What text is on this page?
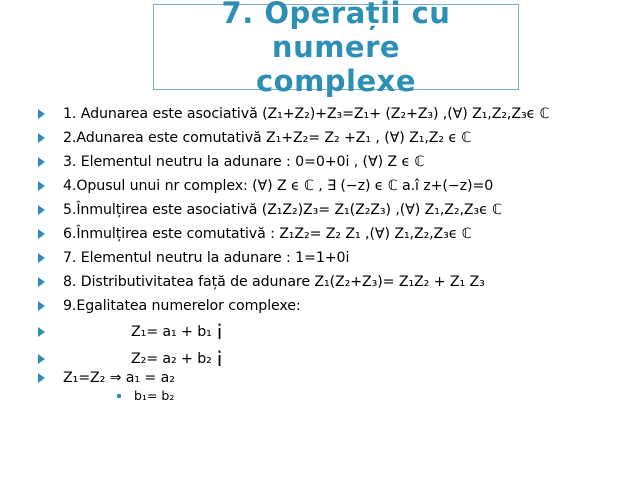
7. Operații cu numere
complexe
1. Adunarea este asociativă (Z₁+Z₂)+Z₃=Z₁+ (Z₂+Z₃) ,(∀) Z₁,Z₂,Z₃ϵ ℂ
2.Adunarea este comutativă Z₁+Z₂= Z₂ +Z₁ , (∀) Z₁,Z₂ ϵ ℂ
3. Elementul neutru la adunare : 0=0+0i , (∀) Z ϵ ℂ
4.Opusul unui nr complex: (∀) Z ϵ ℂ , ∃ (−z) ϵ ℂ a.î z+(−z)=0
5.Înmulțirea este asociativă (Z₁Z₂)Z₃= Z₁(Z₂Z₃) ,(∀) Z₁,Z₂,Z₃ϵ ℂ
6.Înmulțirea este comutativă : Z₁Z₂= Z₂ Z₁ ,(∀) Z₁,Z₂,Z₃ϵ ℂ
7. Elementul neutru la adunare : 1=1+0i
8. Distributivitatea față de adunare Z₁(Z₂+Z₃)= Z₁Z₂ + Z₁ Z₃
9.Egalitatea numerelor complexe:
Z₁= a₁ + b₁ i
Z₂= a₂ + b₂ i
Z₁=Z₂ ⇒ a₁ = a₂
b₁= b₂
